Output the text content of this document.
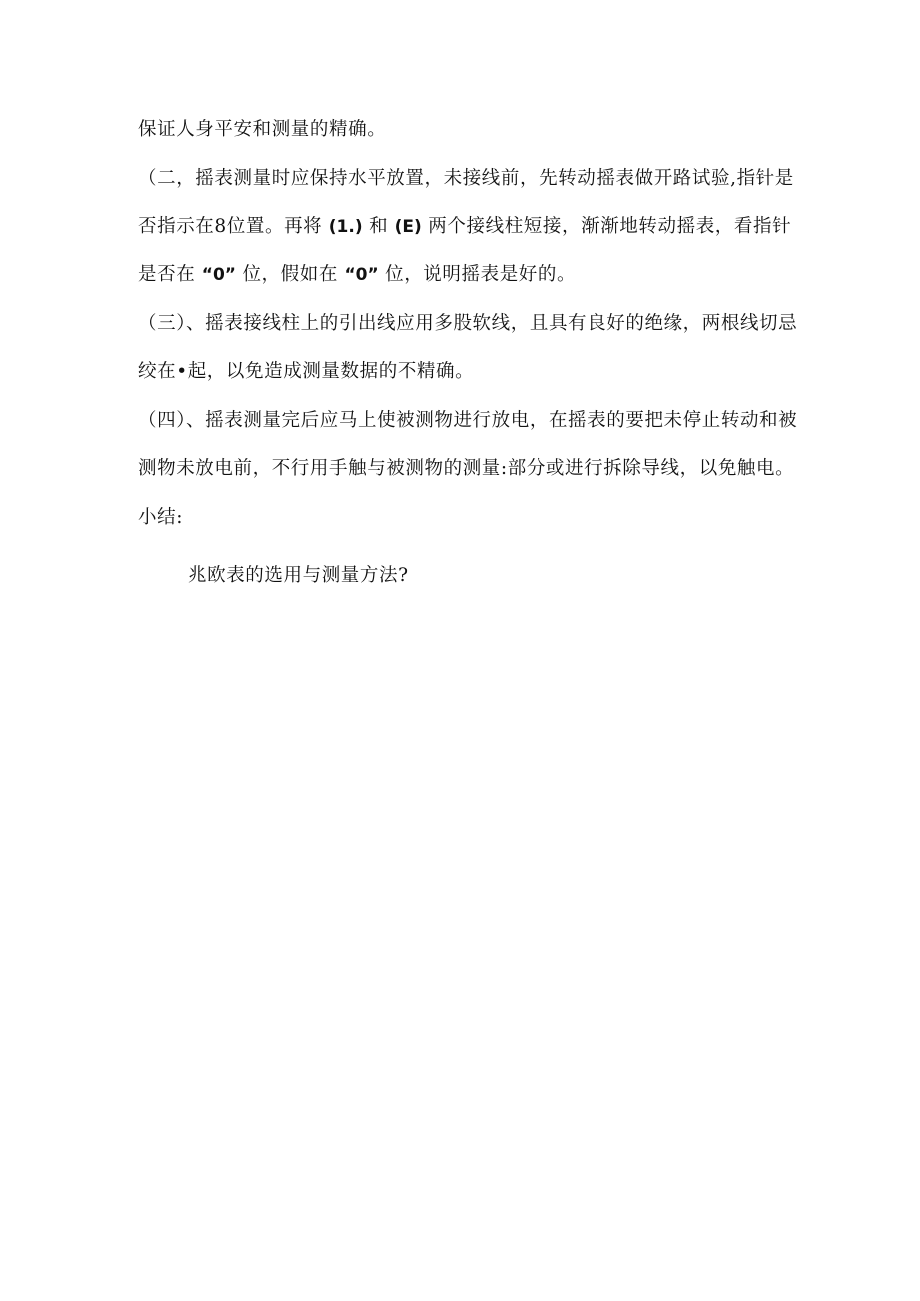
保证人身平安和测量的精确。
（二，摇表测量时应保持水平放置，未接线前，先转动摇表做开路试验,指针是
否指示在8位置。再将 (1.) 和 (E) 两个接线柱短接，渐渐地转动摇表，看指针
是否在 “0” 位，假如在 “0” 位，说明摇表是好的。
（三）、摇表接线柱上的引出线应用多股软线，且具有良好的绝缘，两根线切忌
绞在•起，以免造成测量数据的不精确。
（四）、摇表测量完后应马上使被测物进行放电，在摇表的要把未停止转动和被
测物未放电前，不行用手触与被测物的测量:部分或进行拆除导线，以免触电。
小结:
兆欧表的选用与测量方法?
